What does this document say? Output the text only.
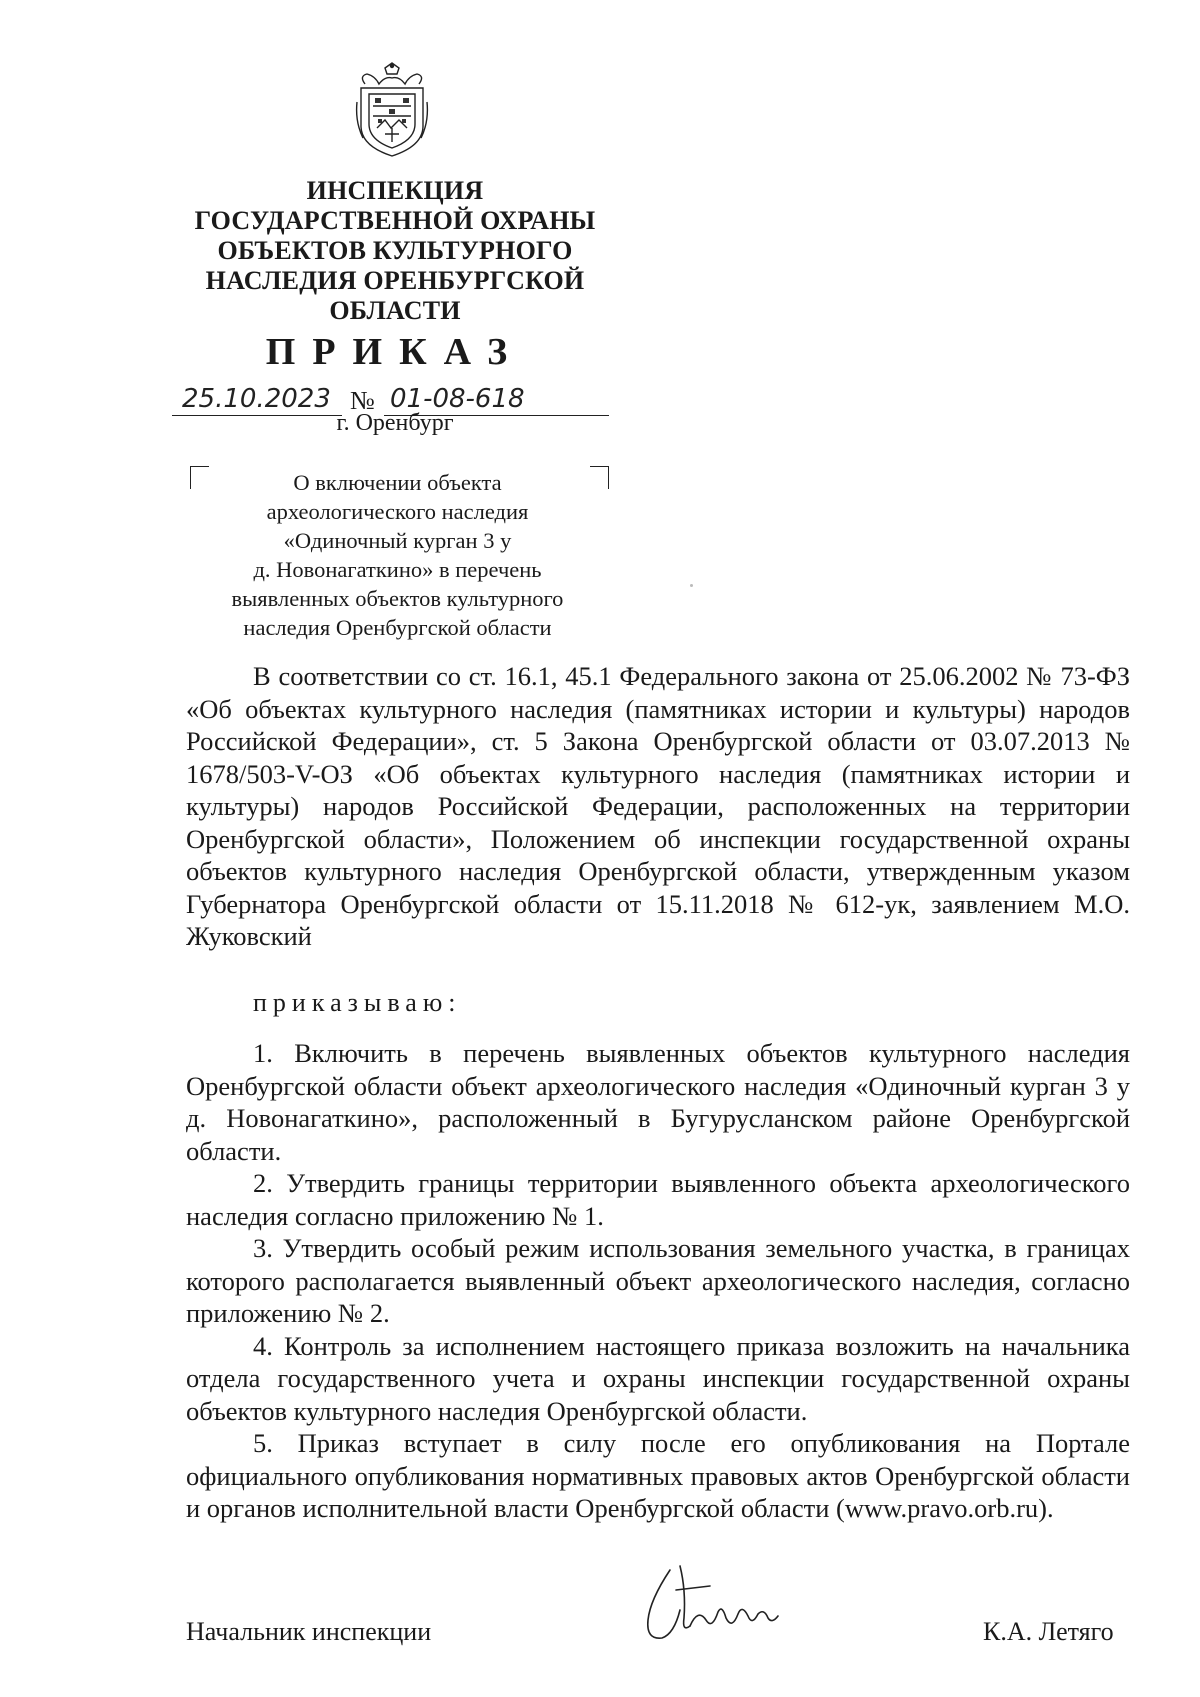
ИНСПЕКЦИЯ
ГОСУДАРСТВЕННОЙ ОХРАНЫ
ОБЪЕКТОВ КУЛЬТУРНОГО
НАСЛЕДИЯ ОРЕНБУРГСКОЙ
ОБЛАСТИ
ПРИКАЗ
25.10.2023 № 01-08-618
г. Оренбург
О включении объекта
археологического наследия
«Одиночный курган 3 у
д. Новонагаткино» в перечень
выявленных объектов культурного
наследия Оренбургской области

В соответствии со ст. 16.1, 45.1 Федерального закона от 25.06.2002 № 73-ФЗ «Об объектах культурного наследия (памятниках истории и культуры) народов Российской Федерации», ст. 5 Закона Оренбургской области от 03.07.2013 № 1678/503-V-ОЗ «Об объектах культурного наследия (памятниках истории и культуры) народов Российской Федерации, расположенных на территории Оренбургской области», Положением об инспекции государственной охраны объектов культурного наследия Оренбургской области, утвержденным указом Губернатора Оренбургской области от 15.11.2018 № 612-ук, заявлением М.О. Жуковский

приказываю:

1. Включить в перечень выявленных объектов культурного наследия Оренбургской области объект археологического наследия «Одиночный курган 3 у д. Новонагаткино», расположенный в Бугурусланском районе Оренбургской области.

2. Утвердить границы территории выявленного объекта археологического наследия согласно приложению № 1.

3. Утвердить особый режим использования земельного участка, в границах которого располагается выявленный объект археологического наследия, согласно приложению № 2.

4. Контроль за исполнением настоящего приказа возложить на начальника отдела государственного учета и охраны инспекции государственной охраны объектов культурного наследия Оренбургской области.

5. Приказ вступает в силу после его опубликования на Портале официального опубликования нормативных правовых актов Оренбургской области и органов исполнительной власти Оренбургской области (www.pravo.orb.ru).

Начальник инспекции	К.А. Летяго
